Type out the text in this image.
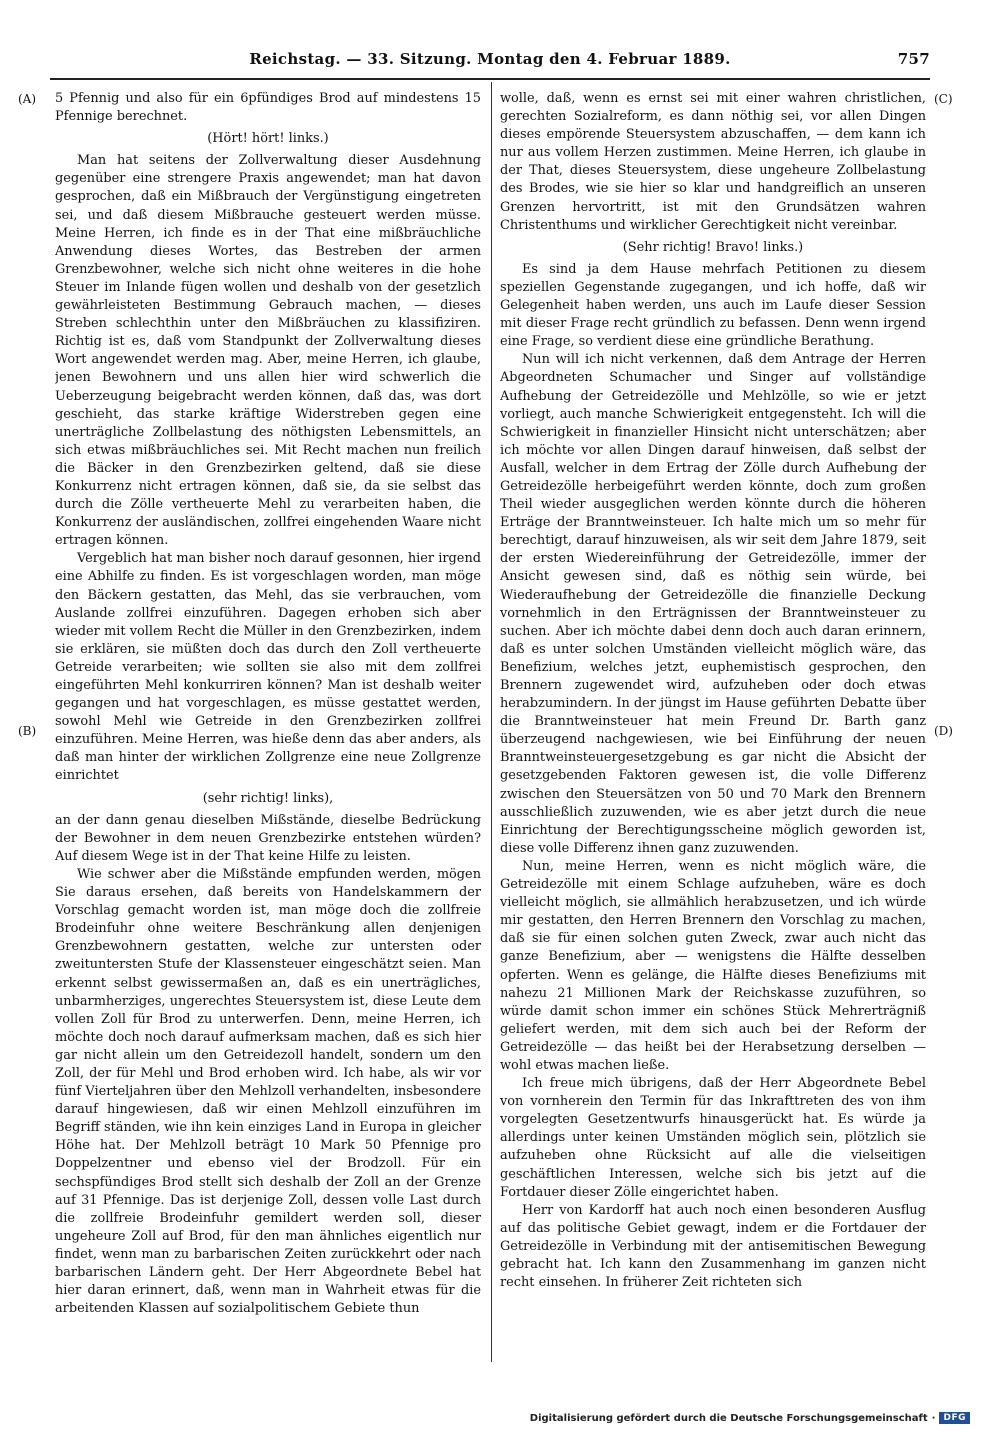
Reichstag. — 33. Sitzung. Montag den 4. Februar 1889.	757
(A)
(B)
(C)
(D)

5 Pfennig und also für ein 6pfündiges Brod auf mindestens 15 Pfennige berechnet.

(Hört! hört! links.)

Man hat seitens der Zollverwaltung dieser Ausdehnung gegenüber eine strengere Praxis angewendet; man hat davon gesprochen, daß ein Mißbrauch der Vergünstigung eingetreten sei, und daß diesem Mißbrauche gesteuert werden müsse. Meine Herren, ich finde es in der That eine mißbräuchliche Anwendung dieses Wortes, das Bestreben der armen Grenzbewohner, welche sich nicht ohne weiteres in die hohe Steuer im Inlande fügen wollen und deshalb von der gesetzlich gewährleisteten Bestimmung Gebrauch machen, — dieses Streben schlechthin unter den Mißbräuchen zu klassifiziren. Richtig ist es, daß vom Standpunkt der Zollverwaltung dieses Wort angewendet werden mag. Aber, meine Herren, ich glaube, jenen Bewohnern und uns allen hier wird schwerlich die Ueberzeugung beigebracht werden können, daß das, was dort geschieht, das starke kräftige Widerstreben gegen eine unerträgliche Zollbelastung des nöthigsten Lebensmittels, an sich etwas mißbräuchliches sei. Mit Recht machen nun freilich die Bäcker in den Grenzbezirken geltend, daß sie diese Konkurrenz nicht ertragen können, daß sie, da sie selbst das durch die Zölle vertheuerte Mehl zu verarbeiten haben, die Konkurrenz der ausländischen, zollfrei eingehenden Waare nicht ertragen können.

Vergeblich hat man bisher noch darauf gesonnen, hier irgend eine Abhilfe zu finden. Es ist vorgeschlagen worden, man möge den Bäckern gestatten, das Mehl, das sie verbrauchen, vom Auslande zollfrei einzuführen. Dagegen erhoben sich aber wieder mit vollem Recht die Müller in den Grenzbezirken, indem sie erklären, sie müßten doch das durch den Zoll vertheuerte Getreide verarbeiten; wie sollten sie also mit dem zollfrei eingeführten Mehl konkurriren können? Man ist deshalb weiter gegangen und hat vorgeschlagen, es müsse gestattet werden, sowohl Mehl wie Getreide in den Grenzbezirken zollfrei einzuführen. Meine Herren, was hieße denn das aber anders, als daß man hinter der wirklichen Zollgrenze eine neue Zollgrenze einrichtet

(sehr richtig! links),

an der dann genau dieselben Mißstände, dieselbe Bedrückung der Bewohner in dem neuen Grenzbezirke entstehen würden? Auf diesem Wege ist in der That keine Hilfe zu leisten.

Wie schwer aber die Mißstände empfunden werden, mögen Sie daraus ersehen, daß bereits von Handelskammern der Vorschlag gemacht worden ist, man möge doch die zollfreie Brodeinfuhr ohne weitere Beschränkung allen denjenigen Grenzbewohnern gestatten, welche zur untersten oder zweituntersten Stufe der Klassensteuer eingeschätzt seien. Man erkennt selbst gewissermaßen an, daß es ein unerträgliches, unbarmherziges, ungerechtes Steuersystem ist, diese Leute dem vollen Zoll für Brod zu unterwerfen. Denn, meine Herren, ich möchte doch noch darauf aufmerksam machen, daß es sich hier gar nicht allein um den Getreidezoll handelt, sondern um den Zoll, der für Mehl und Brod erhoben wird. Ich habe, als wir vor fünf Vierteljahren über den Mehlzoll verhandelten, insbesondere darauf hingewiesen, daß wir einen Mehlzoll einzuführen im Begriff ständen, wie ihn kein einziges Land in Europa in gleicher Höhe hat. Der Mehlzoll beträgt 10 Mark 50 Pfennige pro Doppelzentner und ebenso viel der Brodzoll. Für ein sechspfündiges Brod stellt sich deshalb der Zoll an der Grenze auf 31 Pfennige. Das ist derjenige Zoll, dessen volle Last durch die zollfreie Brodeinfuhr gemildert werden soll, dieser ungeheure Zoll auf Brod, für den man ähnliches eigentlich nur findet, wenn man zu barbarischen Zeiten zurückkehrt oder nach barbarischen Ländern geht. Der Herr Abgeordnete Bebel hat hier daran erinnert, daß, wenn man in Wahrheit etwas für die arbeitenden Klassen auf sozialpolitischem Gebiete thun

wolle, daß, wenn es ernst sei mit einer wahren christlichen, gerechten Sozialreform, es dann nöthig sei, vor allen Dingen dieses empörende Steuersystem abzuschaffen, — dem kann ich nur aus vollem Herzen zustimmen. Meine Herren, ich glaube in der That, dieses Steuersystem, diese ungeheure Zollbelastung des Brodes, wie sie hier so klar und handgreiflich an unseren Grenzen hervortritt, ist mit den Grundsätzen wahren Christenthums und wirklicher Gerechtigkeit nicht vereinbar.

(Sehr richtig! Bravo! links.)

Es sind ja dem Hause mehrfach Petitionen zu diesem speziellen Gegenstande zugegangen, und ich hoffe, daß wir Gelegenheit haben werden, uns auch im Laufe dieser Session mit dieser Frage recht gründlich zu befassen. Denn wenn irgend eine Frage, so verdient diese eine gründliche Berathung.

Nun will ich nicht verkennen, daß dem Antrage der Herren Abgeordneten Schumacher und Singer auf vollständige Aufhebung der Getreidezölle und Mehlzölle, so wie er jetzt vorliegt, auch manche Schwierigkeit entgegensteht. Ich will die Schwierigkeit in finanzieller Hinsicht nicht unterschätzen; aber ich möchte vor allen Dingen darauf hinweisen, daß selbst der Ausfall, welcher in dem Ertrag der Zölle durch Aufhebung der Getreidezölle herbeigeführt werden könnte, doch zum großen Theil wieder ausgeglichen werden könnte durch die höheren Erträge der Branntweinsteuer. Ich halte mich um so mehr für berechtigt, darauf hinzuweisen, als wir seit dem Jahre 1879, seit der ersten Wiedereinführung der Getreidezölle, immer der Ansicht gewesen sind, daß es nöthig sein würde, bei Wiederaufhebung der Getreidezölle die finanzielle Deckung vornehmlich in den Erträgnissen der Branntweinsteuer zu suchen. Aber ich möchte dabei denn doch auch daran erinnern, daß es unter solchen Umständen vielleicht möglich wäre, das Benefizium, welches jetzt, euphemistisch gesprochen, den Brennern zugewendet wird, aufzuheben oder doch etwas herabzumindern. In der jüngst im Hause geführten Debatte über die Branntweinsteuer hat mein Freund Dr. Barth ganz überzeugend nachgewiesen, wie bei Einführung der neuen Branntweinsteuergesetzgebung es gar nicht die Absicht der gesetzgebenden Faktoren gewesen ist, die volle Differenz zwischen den Steuersätzen von 50 und 70 Mark den Brennern ausschließlich zuzuwenden, wie es aber jetzt durch die neue Einrichtung der Berechtigungsscheine möglich geworden ist, diese volle Differenz ihnen ganz zuzuwenden.

Nun, meine Herren, wenn es nicht möglich wäre, die Getreidezölle mit einem Schlage aufzuheben, wäre es doch vielleicht möglich, sie allmählich herabzusetzen, und ich würde mir gestatten, den Herren Brennern den Vorschlag zu machen, daß sie für einen solchen guten Zweck, zwar auch nicht das ganze Benefizium, aber — wenigstens die Hälfte desselben opferten. Wenn es gelänge, die Hälfte dieses Benefiziums mit nahezu 21 Millionen Mark der Reichskasse zuzuführen, so würde damit schon immer ein schönes Stück Mehrerträgniß geliefert werden, mit dem sich auch bei der Reform der Getreidezölle — das heißt bei der Herabsetzung derselben — wohl etwas machen ließe.

Ich freue mich übrigens, daß der Herr Abgeordnete Bebel von vornherein den Termin für das Inkrafttreten des von ihm vorgelegten Gesetzentwurfs hinausgerückt hat. Es würde ja allerdings unter keinen Umständen möglich sein, plötzlich sie aufzuheben ohne Rücksicht auf alle die vielseitigen geschäftlichen Interessen, welche sich bis jetzt auf die Fortdauer dieser Zölle eingerichtet haben.

Herr von Kardorff hat auch noch einen besonderen Ausflug auf das politische Gebiet gewagt, indem er die Fortdauer der Getreidezölle in Verbindung mit der antisemitischen Bewegung gebracht hat. Ich kann den Zusammenhang im ganzen nicht recht einsehen. In früherer Zeit richteten sich

Digitalisierung gefördert durch die Deutsche Forschungsgemeinschaft · DFG
